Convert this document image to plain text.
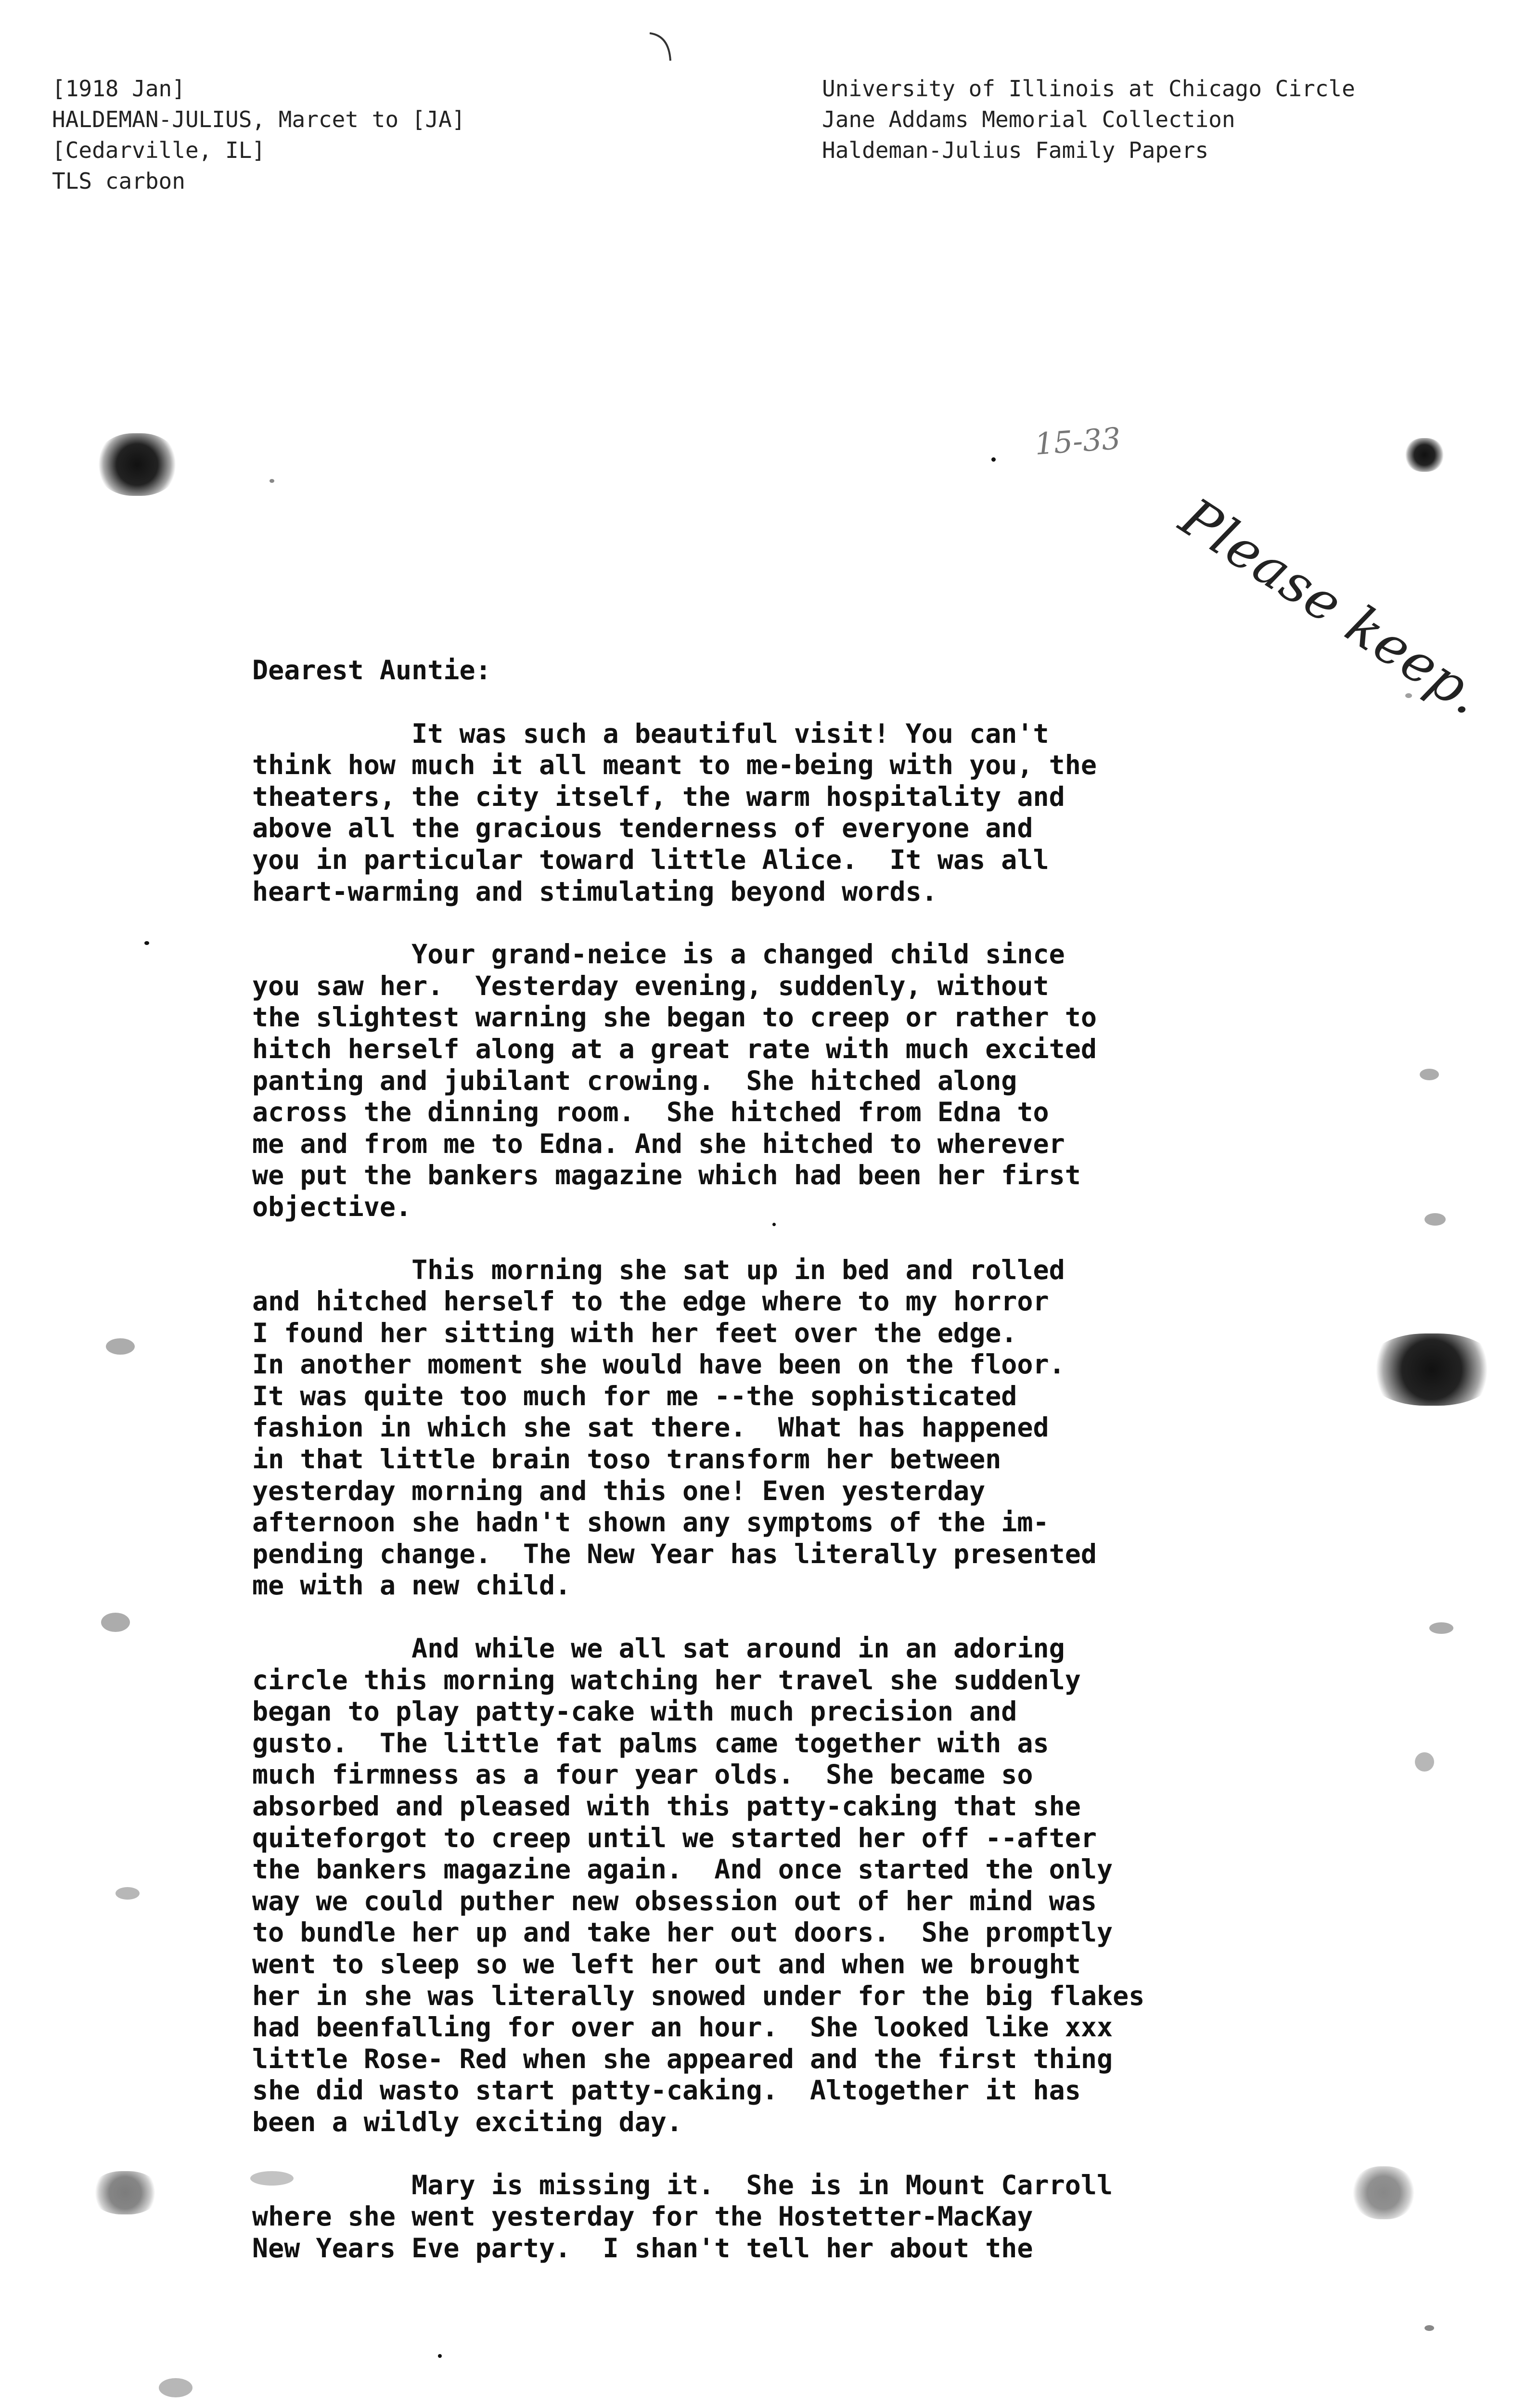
[1918 Jan]
HALDEMAN-JULIUS, Marcet to [JA]
[Cedarville, IL]
TLS carbon
University of Illinois at Chicago Circle
Jane Addams Memorial Collection
Haldeman-Julius Family Papers
15-33
Please keep.
Dearest Auntie:
It was such a beautiful visit! You can't
think how much it all meant to me-being with you, the
theaters, the city itself, the warm hospitality and
above all the gracious tenderness of everyone and
you in particular toward little Alice.  It was all
heart-warming and stimulating beyond words.
Your grand-neice is a changed child since
you saw her.  Yesterday evening, suddenly, without
the slightest warning she began to creep or rather to
hitch herself along at a great rate with much excited
panting and jubilant crowing.  She hitched along
across the dinning room.  She hitched from Edna to
me and from me to Edna. And she hitched to wherever
we put the bankers magazine which had been her first
objective.
This morning she sat up in bed and rolled
and hitched herself to the edge where to my horror
I found her sitting with her feet over the edge.
In another moment she would have been on the floor.
It was quite too much for me --the sophisticated
fashion in which she sat there.  What has happened
in that little brain toso transform her between
yesterday morning and this one! Even yesterday
afternoon she hadn't shown any symptoms of the im-
pending change.  The New Year has literally presented
me with a new child.
And while we all sat around in an adoring
circle this morning watching her travel she suddenly
began to play patty-cake with much precision and
gusto.  The little fat palms came together with as
much firmness as a four year olds.  She became so
absorbed and pleased with this patty-caking that she
quiteforgot to creep until we started her off --after
the bankers magazine again.  And once started the only
way we could puther new obsession out of her mind was
to bundle her up and take her out doors.  She promptly
went to sleep so we left her out and when we brought
her in she was literally snowed under for the big flakes
had beenfalling for over an hour.  She looked like xxx
little Rose- Red when she appeared and the first thing
she did wasto start patty-caking.  Altogether it has
been a wildly exciting day.
Mary is missing it.  She is in Mount Carroll
where she went yesterday for the Hostetter-MacKay
New Years Eve party.  I shan't tell her about the
